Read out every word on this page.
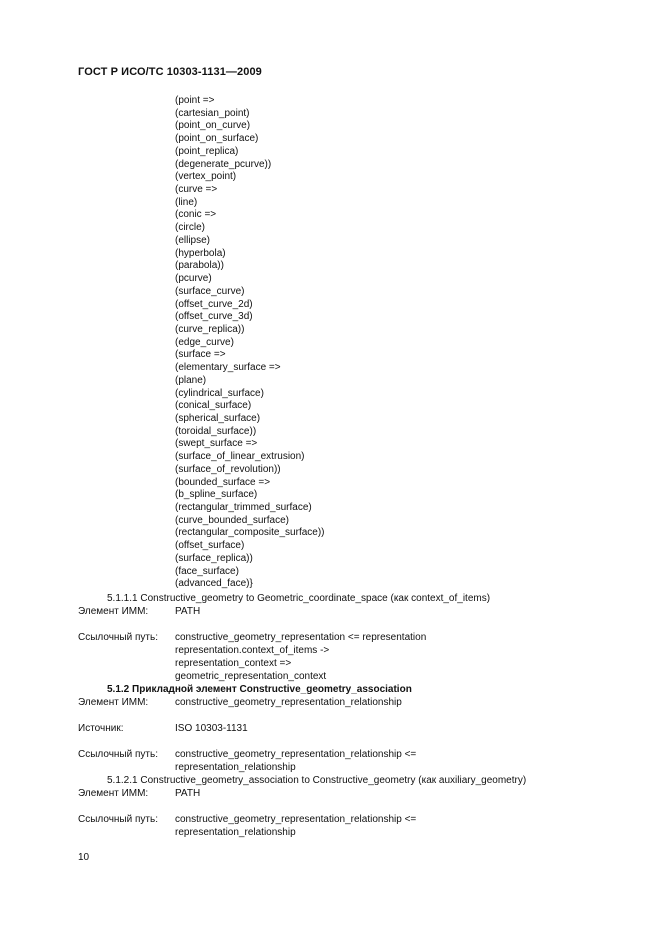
ГОСТ Р ИСО/ТС 10303-1131—2009
(point =>
(cartesian_point)
(point_on_curve)
(point_on_surface)
(point_replica)
(degenerate_pcurve))
(vertex_point)
(curve =>
(line)
(conic =>
(circle)
(ellipse)
(hyperbola)
(parabola))
(pcurve)
(surface_curve)
(offset_curve_2d)
(offset_curve_3d)
(curve_replica))
(edge_curve)
(surface =>
(elementary_surface =>
(plane)
(cylindrical_surface)
(conical_surface)
(spherical_surface)
(toroidal_surface))
(swept_surface =>
(surface_of_linear_extrusion)
(surface_of_revolution))
(bounded_surface =>
(b_spline_surface)
(rectangular_trimmed_surface)
(curve_bounded_surface)
(rectangular_composite_surface))
(offset_surface)
(surface_replica))
(face_surface)
(advanced_face)}
5.1.1.1 Constructive_geometry to Geometric_coordinate_space (как context_of_items)
Элемент ИММ:	PATH
Ссылочный путь: constructive_geometry_representation <= representation
representation.context_of_items ->
representation_context =>
geometric_representation_context
5.1.2 Прикладной элемент Constructive_geometry_association
Элемент ИММ:	constructive_geometry_representation_relationship
Источник:	ISO 10303-1131
Ссылочный путь: constructive_geometry_representation_relationship <=
representation_relationship
5.1.2.1 Constructive_geometry_association to Constructive_geometry (как auxiliary_geometry)
Элемент ИММ:	PATH
Ссылочный путь: constructive_geometry_representation_relationship <=
representation_relationship
10
